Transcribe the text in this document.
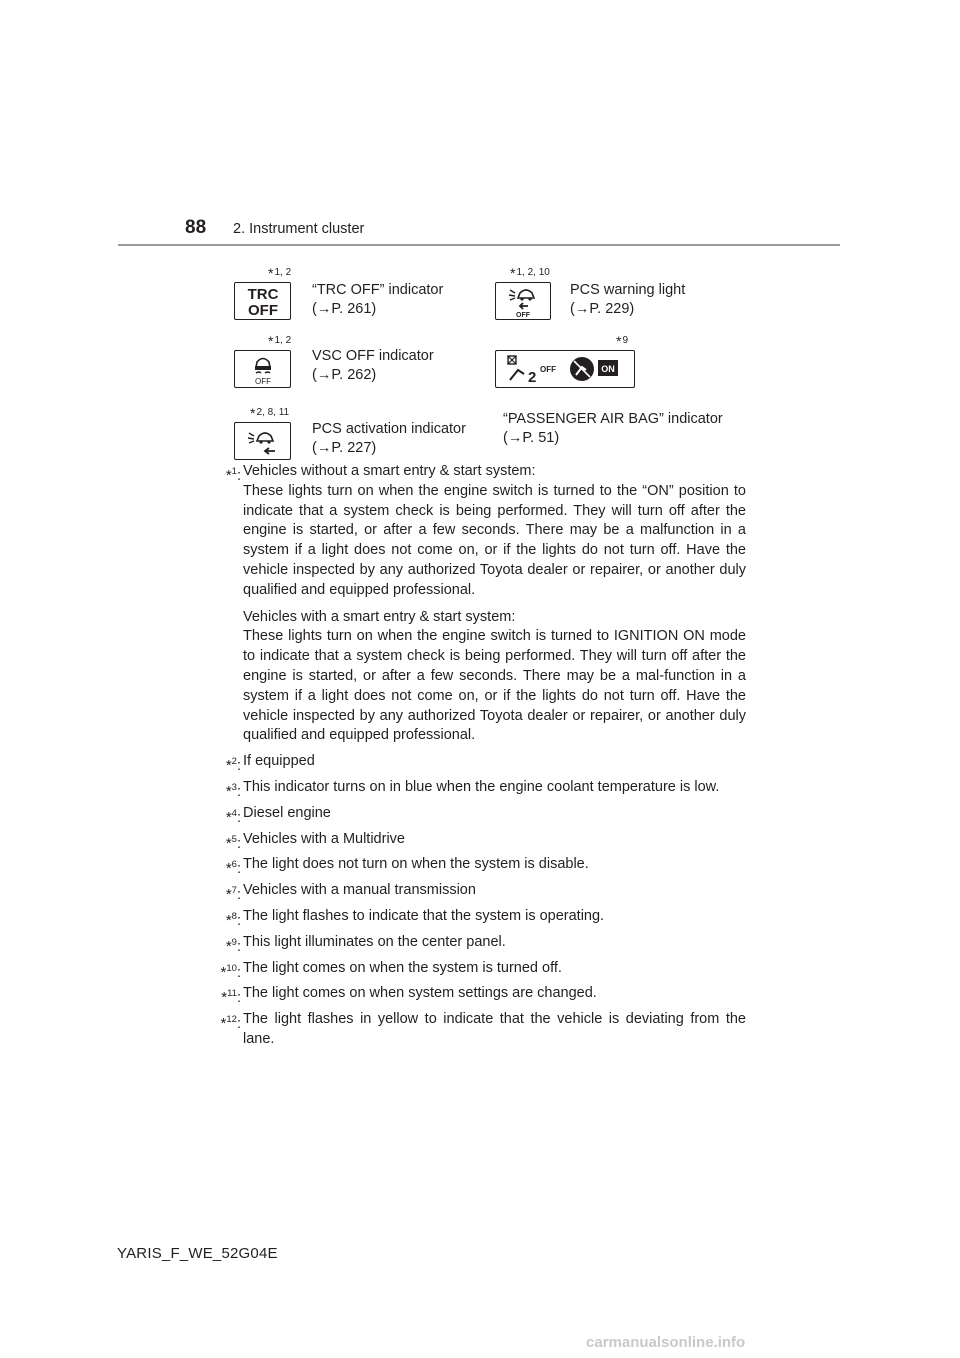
88 2. Instrument cluster
*1, 2
TRC
OFF
“TRC OFF” indicator
(→P. 261)
*1, 2, 10
OFF
PCS warning light
(→P. 229)
*1, 2
OFF
VSC OFF indicator
(→P. 262)
*9
2 OFF	ON
*2, 8, 11
PCS activation indicator
(→P. 227)
“PASSENGER AIR BAG” indicator
(→P. 51)
*$^1$: Vehicles without a smart entry & start system:
These lights turn on when the engine switch is turned to the “ON” position to indicate that a system check is being performed. They will turn off after the engine is started, or after a few seconds. There may be a malfunction in a system if a light does not come on, or if the lights do not turn off. Have the vehicle inspected by any authorized Toyota dealer or repairer, or another duly qualified and equipped professional.

Vehicles with a smart entry & start system:
These lights turn on when the engine switch is turned to IGNITION ON mode to indicate that a system check is being performed. They will turn off after the engine is started, or after a few seconds. There may be a mal-function in a system if a light does not come on, or if the lights do not turn off. Have the vehicle inspected by any authorized Toyota dealer or repairer, or another duly qualified and equipped professional.

*$^2$: If equipped

*$^3$: This indicator turns on in blue when the engine coolant temperature is low.

*$^4$: Diesel engine

*$^5$: Vehicles with a Multidrive

*$^6$: The light does not turn on when the system is disable.

*$^7$: Vehicles with a manual transmission

*$^8$: The light flashes to indicate that the system is operating.

*$^9$: This light illuminates on the center panel.

*$^{10}$: The light comes on when the system is turned off.

*$^{11}$: The light comes on when system settings are changed.

*$^{12}$: The light flashes in yellow to indicate that the vehicle is deviating from the lane.

YARIS_F_WE_52G04E
carmanualsonline.info
